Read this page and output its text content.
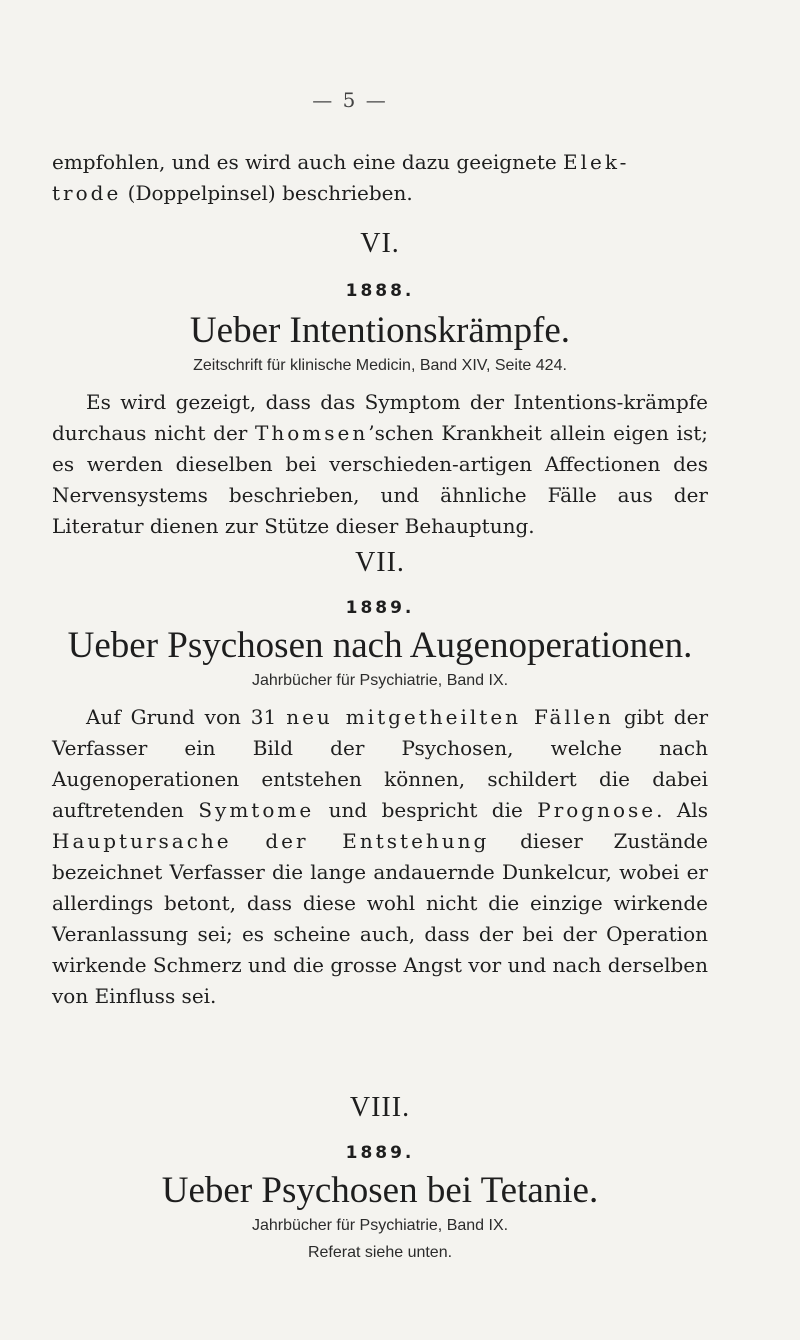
— 5 —

empfohlen, und es wird auch eine dazu geeignete Elek-
trode (Doppelpinsel) beschrieben.

VI.
1888.
Ueber Intentionskrämpfe.
Zeitschrift für klinische Medicin, Band XIV, Seite 424.

Es wird gezeigt, dass das Symptom der Intentions-krämpfe durchaus nicht der Thomsen’schen Krankheit allein eigen ist; es werden dieselben bei verschieden-artigen Affectionen des Nervensystems beschrieben, und ähnliche Fälle aus der Literatur dienen zur Stütze dieser Behauptung.

VII.
1889.
Ueber Psychosen nach Augenoperationen.
Jahrbücher für Psychiatrie, Band IX.

Auf Grund von 31 neu mitgetheilten Fällen gibt der Verfasser ein Bild der Psychosen, welche nach Augenoperationen entstehen können, schildert die dabei auftretenden Symtome und bespricht die Prognose. Als Hauptursache der Entstehung dieser Zustände bezeichnet Verfasser die lange andauernde Dunkelcur, wobei er allerdings betont, dass diese wohl nicht die einzige wirkende Veranlassung sei; es scheine auch, dass der bei der Operation wirkende Schmerz und die grosse Angst vor und nach derselben von Einfluss sei.

VIII.
1889.
Ueber Psychosen bei Tetanie.
Jahrbücher für Psychiatrie, Band IX.
Referat siehe unten.
